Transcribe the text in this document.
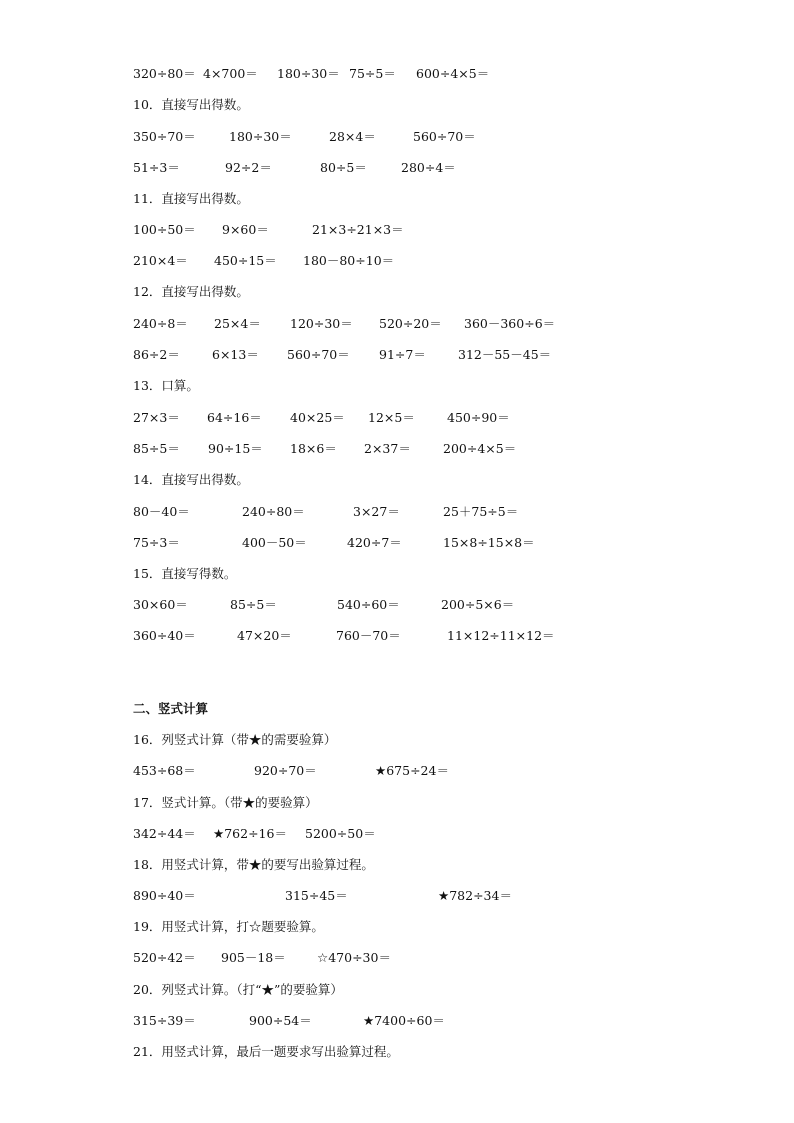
320÷80＝ 4×700＝ 180÷30＝ 75÷5＝ 600÷4×5＝
10．直接写出得数。
350÷70＝	180÷30＝	28×4＝	560÷70＝
51÷3＝	92÷2＝	80÷5＝	280÷4＝
11．直接写出得数。
100÷50＝ 9×60＝	21×3÷21×3＝
210×4＝ 450÷15＝ 180－80÷10＝
12．直接写出得数。
240÷8＝ 25×4＝ 120÷30＝ 520÷20＝ 360－360÷6＝
86÷2＝	6×13＝ 560÷70＝ 91÷7＝	312－55－45＝
13．口算。
27×3＝ 64÷16＝ 40×25＝ 12×5＝	450÷90＝
85÷5＝ 90÷15＝ 18×6＝ 2×37＝	200÷4×5＝
14．直接写出得数。
80－40＝	240÷80＝	3×27＝	25＋75÷5＝
75÷3＝	400－50＝	420÷7＝	15×8÷15×8＝
15．直接写得数。
30×60＝	85÷5＝	540÷60＝	200÷5×6＝
360÷40＝	47×20＝	760－70＝	11×12÷11×12＝
二、竖式计算
16．列竖式计算（带★的需要验算）
453÷68＝	920÷70＝	★675÷24＝
17．竖式计算。（带★的要验算）
342÷44＝ ★762÷16＝ 5200÷50＝
18．用竖式计算，带★的要写出验算过程。
890÷40＝	315÷45＝	★782÷34＝
19．用竖式计算，打☆题要验算。
520÷42＝ 905－18＝ ☆470÷30＝
20．列竖式计算。（打“★”的要验算）
315÷39＝	900÷54＝	★7400÷60＝
21．用竖式计算，最后一题要求写出验算过程。
